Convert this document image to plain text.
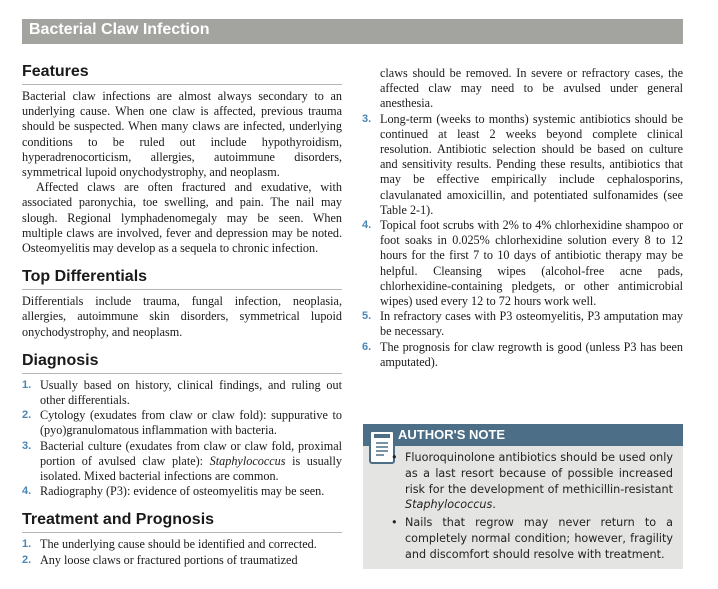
Bacterial Claw Infection
Features

Bacterial claw infections are almost always secondary to an underlying cause. When one claw is affected, previous trauma should be suspected. When many claws are infected, underlying conditions to be ruled out include hypothyroidism, hyperadrenocorticism, allergies, autoimmune disorders, symmetrical lupoid onychodystrophy, and neoplasm.

Affected claws are often fractured and exudative, with associated paronychia, toe swelling, and pain. The nail may slough. Regional lymphadenomegaly may be seen. When multiple claws are involved, fever and depression may be noted. Osteomyelitis may develop as a sequela to chronic infection.

Top Differentials

Differentials include trauma, fungal infection, neoplasia, allergies, autoimmune skin disorders, symmetrical lupoid onychodystrophy, and neoplasm.

Diagnosis
1. Usually based on history, clinical findings, and ruling out other differentials.
2. Cytology (exudates from claw or claw fold): suppurative to (pyo)granulomatous inflammation with bacteria.
3. Bacterial culture (exudates from claw or claw fold, proximal portion of avulsed claw plate): Staphylococcus is usually isolated. Mixed bacterial infections are common.
4. Radiography (P3): evidence of osteomyelitis may be seen.
Treatment and Prognosis
1. The underlying cause should be identified and corrected.
2. Any loose claws or fractured portions of traumatized
claws should be removed. In severe or refractory cases, the affected claw may need to be avulsed under general anesthesia.
3. Long-term (weeks to months) systemic antibiotics should be continued at least 2 weeks beyond complete clinical resolution. Antibiotic selection should be based on culture and sensitivity results. Pending these results, antibiotics that may be effective empirically include cephalosporins, clavulanated amoxicillin, and potentiated sulfonamides (see Table 2-1).
4. Topical foot scrubs with 2% to 4% chlorhexidine shampoo or foot soaks in 0.025% chlorhexidine solution every 8 to 12 hours for the first 7 to 10 days of antibiotic therapy may be helpful. Cleansing wipes (alcohol-free acne pads, chlorhexidine-containing pledgets, or other antimicrobial wipes) used every 12 to 72 hours work well.
5. In refractory cases with P3 osteomyelitis, P3 amputation may be necessary.
6. The prognosis for claw regrowth is good (unless P3 has been amputated).
AUTHOR'S NOTE
• Fluoroquinolone antibiotics should be used only as a last resort because of possible increased risk for the development of methicillin-resistant Staphylococcus.
• Nails that regrow may never return to a completely normal condition; however, fragility and discomfort should resolve with treatment.
